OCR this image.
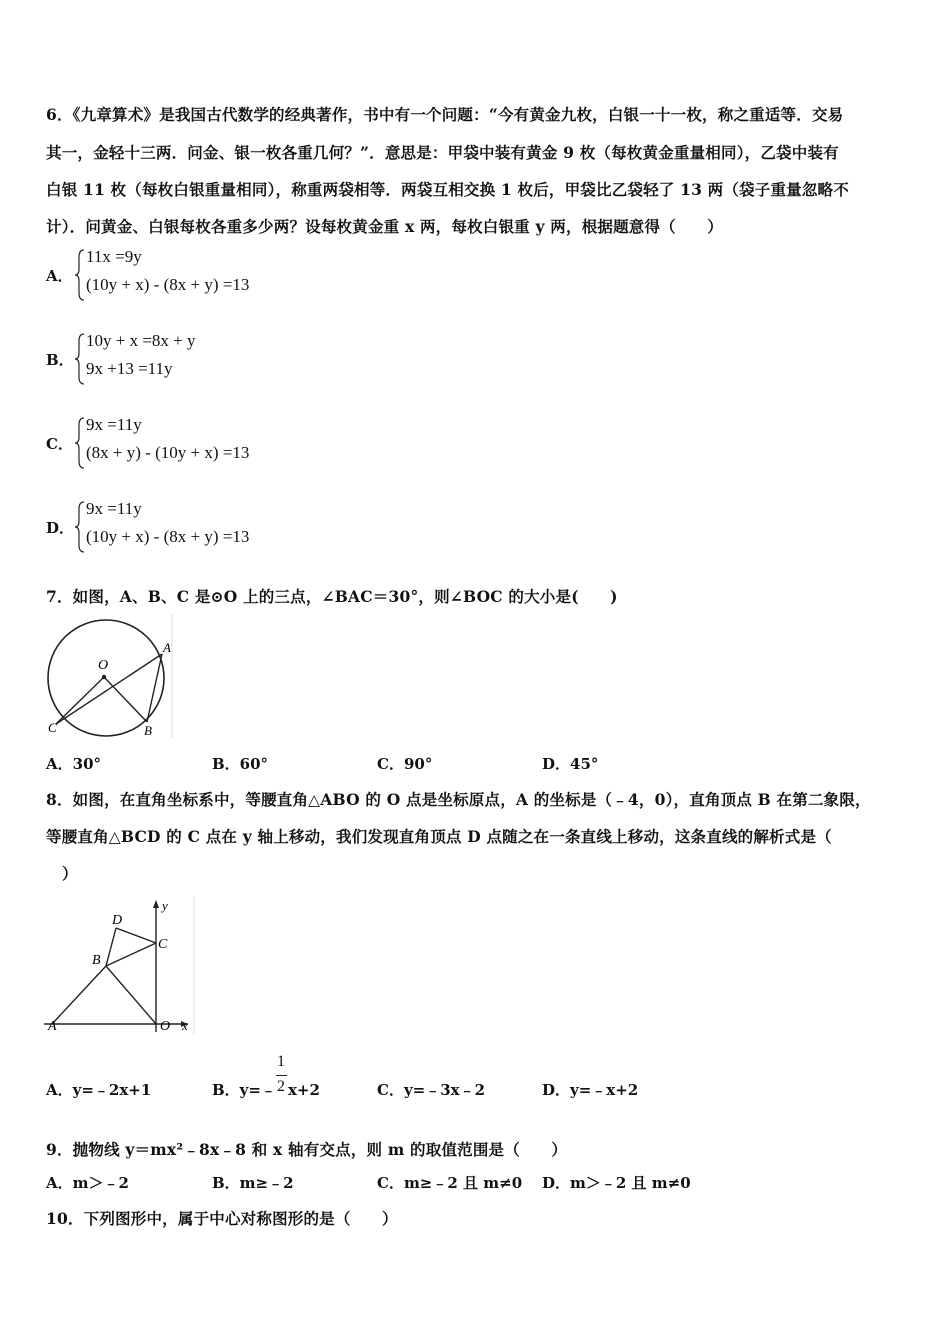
6．《九章算术》是我国古代数学的经典著作，书中有一个问题：“今有黄金九枚，白银一十一枚，称之重适等．交易
其一，金轻十三两．问金、银一枚各重几何？”．意思是：甲袋中装有黄金 9 枚（每枚黄金重量相同），乙袋中装有
白银 11 枚（每枚白银重量相同），称重两袋相等．两袋互相交换 1 枚后，甲袋比乙袋轻了 13 两（袋子重量忽略不
计）．问黄金、白银每枚各重多少两？设每枚黄金重 x 两，每枚白银重 y 两，根据题意得（　　）
A．
11x =9y
(10y + x) - (8x + y) =13
B．
10y + x =8x + y
9x +13 =11y
C．
9x =11y
(8x + y) - (10y + x) =13
D．
9x =11y
(10y + x) - (8x + y) =13
7．如图，A、B、C 是⊙O 上的三点，∠BAC＝30°，则∠BOC 的大小是(　　)
O
A
B
C
A．30°	B．60°	C．90°	D．45°
8．如图，在直角坐标系中，等腰直角△ABO 的 O 点是坐标原点，A 的坐标是（﹣4，0），直角顶点 B 在第二象限，
等腰直角△BCD 的 C 点在 y 轴上移动，我们发现直角顶点 D 点随之在一条直线上移动，这条直线的解析式是（
）
D
C
B
A	O x
y
A．y=﹣2x+1	B．y=﹣ x+2
1
2	C．y=﹣3x﹣2	D．y=﹣x+2
9．抛物线 y＝mx²﹣8x﹣8 和 x 轴有交点，则 m 的取值范围是（　　）
A．m＞﹣2	B．m≥﹣2	C．m≥﹣2 且 m≠0 D．m＞﹣2 且 m≠0
10．下列图形中，属于中心对称图形的是（　　）
